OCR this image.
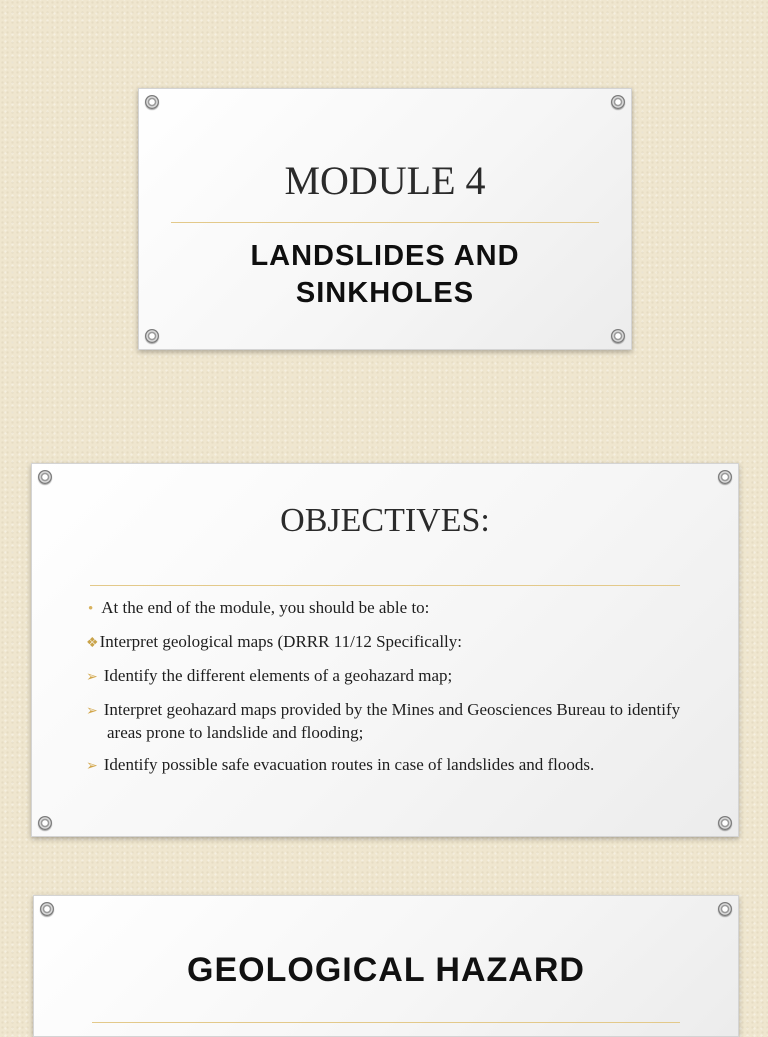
MODULE 4
LANDSLIDES AND
SINKHOLES
OBJECTIVES:
• At the end of the module, you should be able to:
❖Interpret geological maps (DRRR 11/12 Specifically:
➢ Identify the different elements of a geohazard map;
➢ Interpret geohazard maps provided by the Mines and Geosciences Bureau to identify areas prone to landslide and flooding;
➢ Identify possible safe evacuation routes in case of landslides and floods.
GEOLOGICAL HAZARD
